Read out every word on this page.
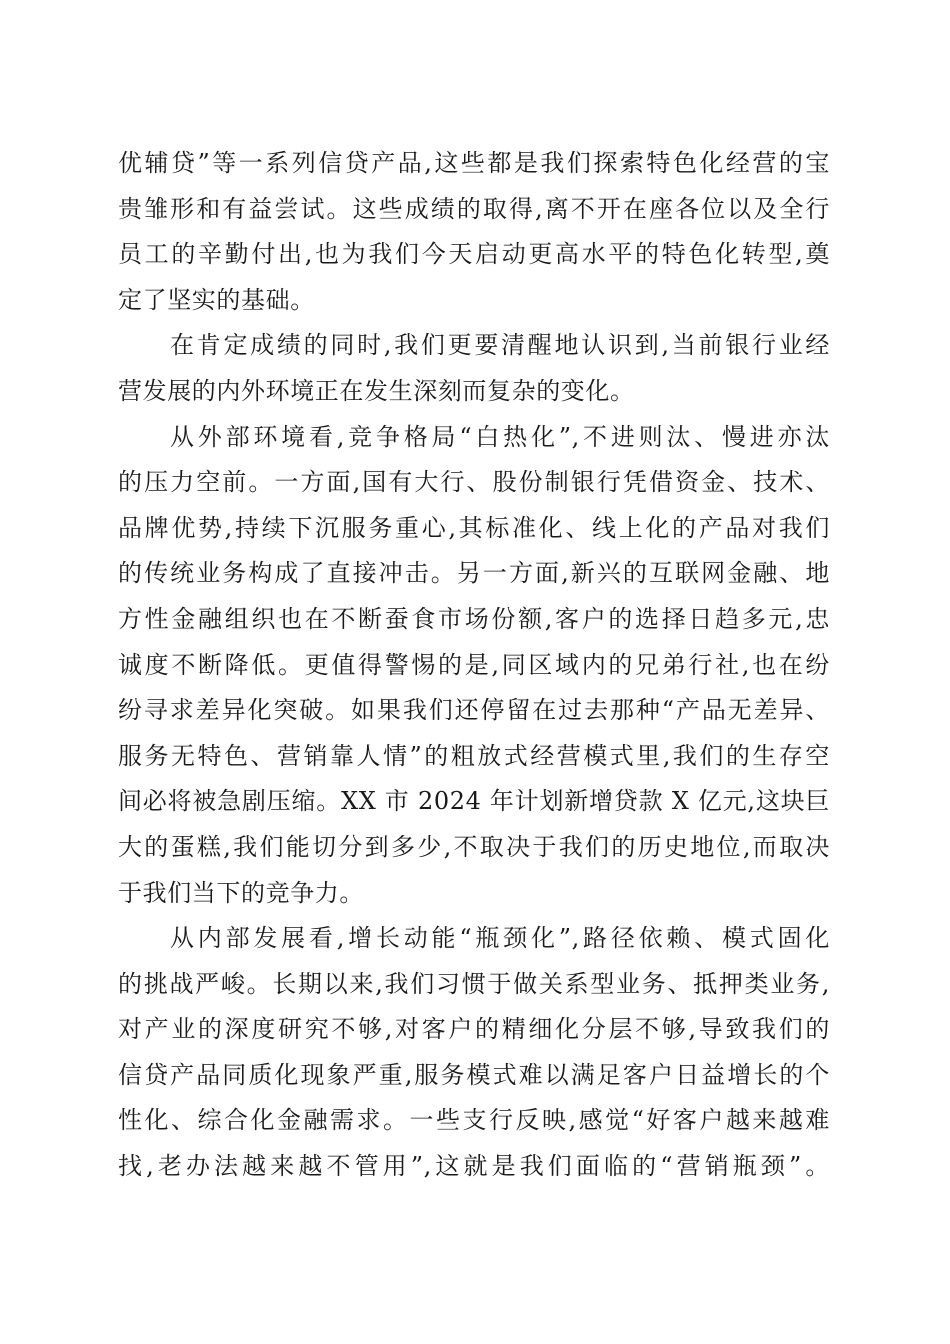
优辅贷”等一系列信贷产品,这些都是我们探索特色化经营的宝
贵雏形和有益尝试。这些成绩的取得,离不开在座各位以及全行
员工的辛勤付出,也为我们今天启动更高水平的特色化转型,奠
定了坚实的基础。
在肯定成绩的同时,我们更要清醒地认识到,当前银行业经
营发展的内外环境正在发生深刻而复杂的变化。
从外部环境看,竞争格局“白热化”,不进则汰、慢进亦汰
的压力空前。一方面,国有大行、股份制银行凭借资金、技术、
品牌优势,持续下沉服务重心,其标准化、线上化的产品对我们
的传统业务构成了直接冲击。另一方面,新兴的互联网金融、地
方性金融组织也在不断蚕食市场份额,客户的选择日趋多元,忠
诚度不断降低。更值得警惕的是,同区域内的兄弟行社,也在纷
纷寻求差异化突破。如果我们还停留在过去那种“产品无差异、
服务无特色、营销靠人情”的粗放式经营模式里,我们的生存空
间必将被急剧压缩。XX 市 2024 年计划新增贷款 X 亿元,这块巨
大的蛋糕,我们能切分到多少,不取决于我们的历史地位,而取决
于我们当下的竞争力。
从内部发展看,增长动能“瓶颈化”,路径依赖、模式固化
的挑战严峻。长期以来,我们习惯于做关系型业务、抵押类业务,
对产业的深度研究不够,对客户的精细化分层不够,导致我们的
信贷产品同质化现象严重,服务模式难以满足客户日益增长的个
性化、综合化金融需求。一些支行反映,感觉“好客户越来越难
找,老办法越来越不管用”,这就是我们面临的“营销瓶颈”。
